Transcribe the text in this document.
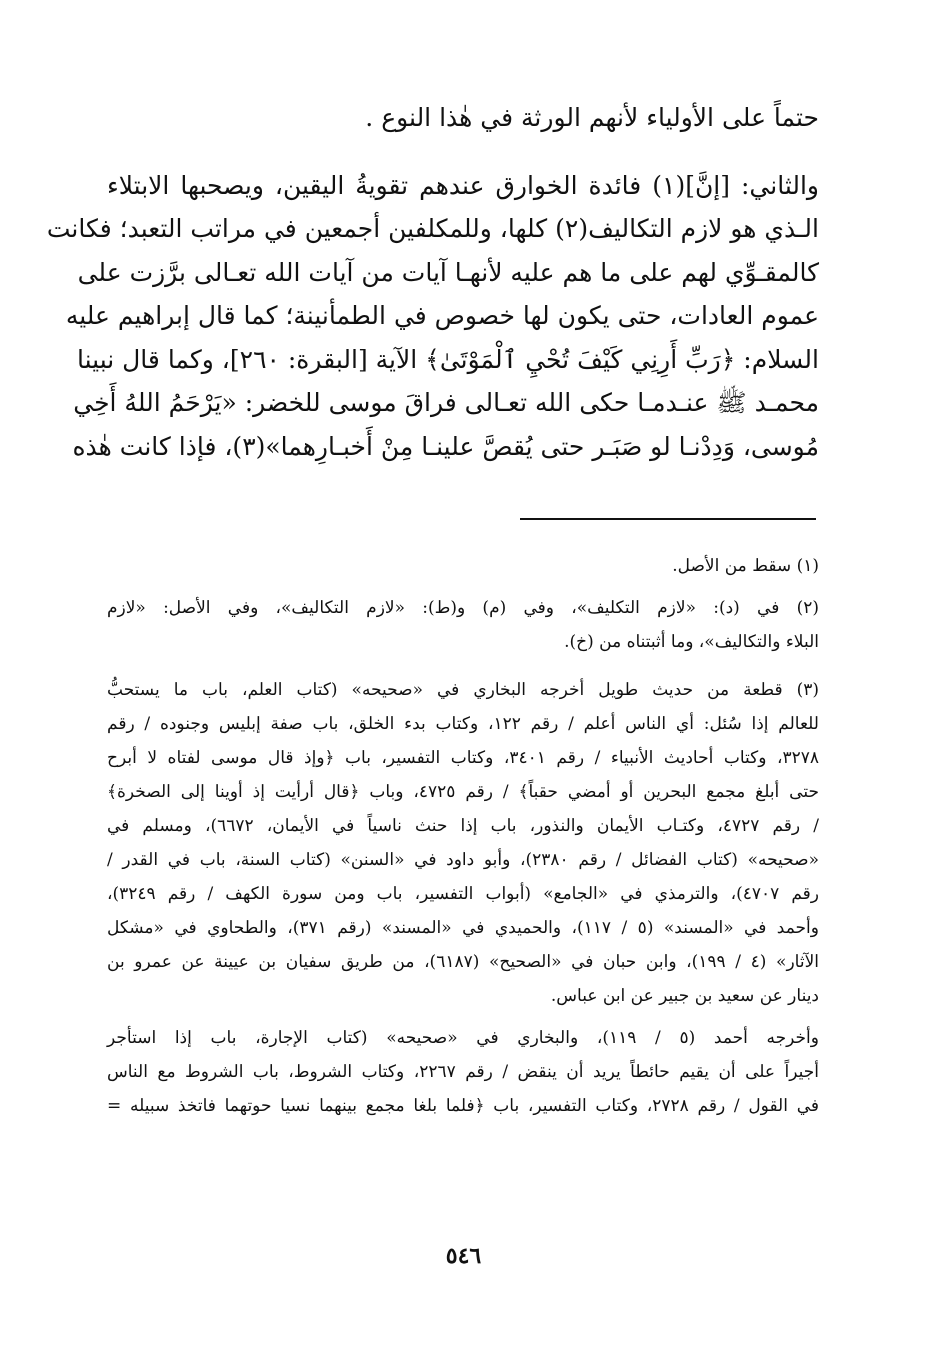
حتماً على الأولياء لأنهم الورثة في هٰذا النوع .
والثاني: [إنَّ](١) فائدة الخوارق عندهم تقويةُ اليقين، ويصحبها الابتلاء
الـذي هو لازم التكاليف(٢) كلها، وللمكلفين أجمعين في مراتب التعبد؛ فكانت
كالمقـوِّي لهم على ما هم عليه لأنهـا آيات من آيات الله تعـالى برَّزت على
عموم العادات، حتى يكون لها خصوص في الطمأنينة؛ كما قال إبراهيم عليه
السلام: ﴿رَبِّ أَرِنِي كَيْفَ تُحْيِ ٱلْمَوْتَىٰ﴾ الآية [البقرة: ٢٦٠]، وكما قال نبينا
محمـد ﷺ عنـدمـا حكى الله تعـالى فراقَ موسى للخضر: «يَرْحَمُ اللهُ أَخِي
مُوسى، وَدِدْنـا لو صَبَـر حتى يُقصَّ علينـا مِنْ أَخبـارِهما»(٣)، فإذا كانت هٰذه
(١) سقط من الأصل.
(٢) في (د): «لازم التكليف»، وفي (م) و(ط): «لازم التكاليف»، وفي الأصل: «لازم
البلاء والتكاليف»، وما أثبتناه من (خ).
(٣) قطعة من حديث طويل أخرجه البخاري في «صحيحه» (كتاب العلم، باب ما يستحبُّ
للعالم إذا سُئل: أي الناس أعلم / رقم ١٢٢، وكتاب بدء الخلق، باب صفة إبليس وجنوده / رقم
٣٢٧٨، وكتاب أحاديث الأنبياء / رقم ٣٤٠١، وكتاب التفسير، باب ﴿وإذ قال موسى لفتاه لا أبرح
حتى أبلغ مجمع البحرين أو أمضي حقباً﴾ / رقم ٤٧٢٥، وباب ﴿قال أرأيت إذ أوينا إلى الصخرة﴾
/ رقم ٤٧٢٧، وكتـاب الأيمان والنذور، باب إذا حنث ناسياً في الأيمان، ٦٦٧٢)، ومسلم في
«صحيحه» (كتاب الفضائل / رقم ٢٣٨٠)، وأبو داود في «السنن» (كتاب السنة، باب في القدر /
رقم ٤٧٠٧)، والترمذي في «الجامع» (أبواب التفسير، باب ومن سورة الكهف / رقم ٣٢٤٩)،
وأحمد في «المسند» (٥ / ١١٧)، والحميدي في «المسند» (رقم ٣٧١)، والطحاوي في «مشكل
الآثار» (٤ / ١٩٩)، وابن حبان في «الصحيح» (٦١٨٧)، من طريق سفيان بن عيينة عن عمرو بن
دينار عن سعيد بن جبير عن ابن عباس.
وأخرجه أحمد (٥ / ١١٩)، والبخاري في «صحيحه» (كتاب الإجارة، باب إذا استأجر
أجيراً على أن يقيم حائطاً يريد أن ينقض / رقم ٢٢٦٧، وكتاب الشروط، باب الشروط مع الناس
في القول / رقم ٢٧٢٨، وكتاب التفسير، باب ﴿فلما بلغا مجمع بينهما نسيا حوتهما فاتخذ سبيله =
٥٤٦
